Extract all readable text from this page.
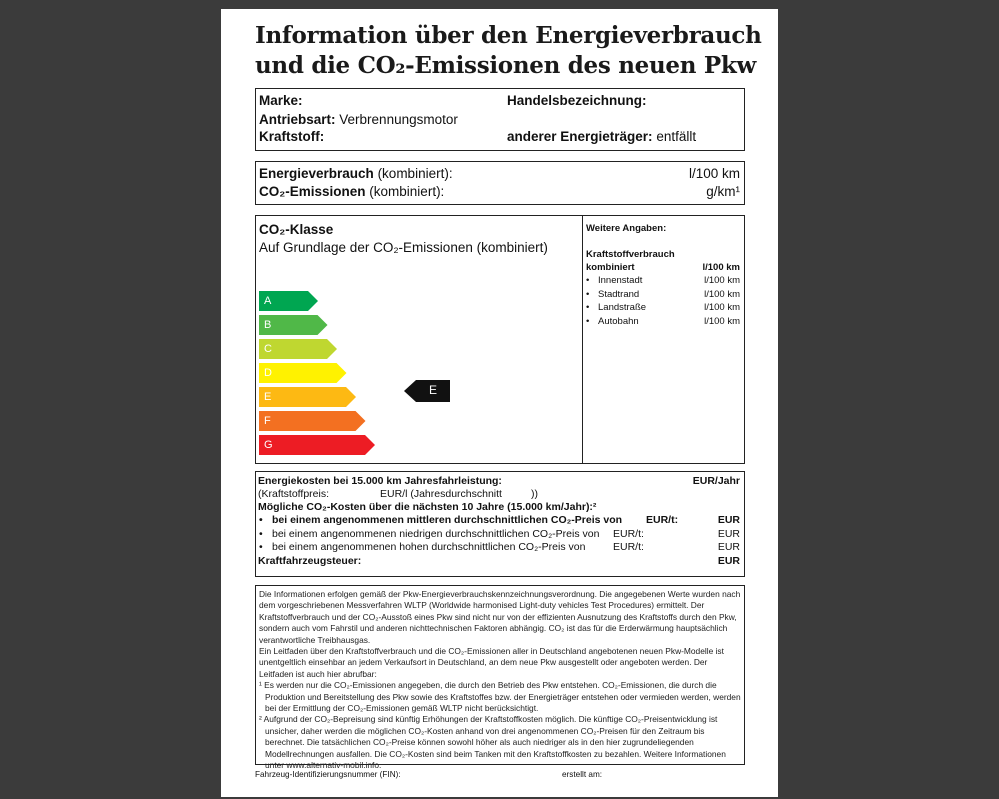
Information über den Energieverbrauch
und die CO₂-Emissionen des neuen Pkw
Marke:	Handelsbezeichnung:
Antriebsart: Verbrennungsmotor
Kraftstoff:	anderer Energieträger: entfällt
Energieverbrauch (kombiniert):	l/100 km
CO₂-Emissionen (kombiniert):	g/km¹
CO₂-Klasse
Auf Grundlage der CO₂-Emissionen (kombiniert)
A
B
C
D
E
F
G
E
Weitere Angaben:
Kraftstoffverbrauch
kombiniert	l/100 km
• Innenstadt	l/100 km
• Stadtrand	l/100 km
• Landstraße	l/100 km
• Autobahn	l/100 km
Energiekosten bei 15.000 km Jahresfahrleistung:	EUR/Jahr
(Kraftstoffpreis:	EUR/l (Jahresdurchschnitt	))
Mögliche CO₂-Kosten über die nächsten 10 Jahre (15.000 km/Jahr):²
• bei einem angenommenen mittleren durchschnittlichen CO₂-Preis von EUR/t:	EUR
• bei einem angenommenen niedrigen durchschnittlichen CO₂-Preis von EUR/t:	EUR
• bei einem angenommenen hohen durchschnittlichen CO₂-Preis von	EUR/t:	EUR
Kraftfahrzeugsteuer:	EUR
Die Informationen erfolgen gemäß der Pkw-Energieverbrauchskennzeichnungsverordnung. Die angegebenen Werte wurden nach dem vorgeschriebenen Messverfahren WLTP (Worldwide harmonised Light-duty vehicles Test Procedures) ermittelt. Der Kraftstoffverbrauch und der CO₂-Ausstoß eines Pkw sind nicht nur von der effizienten Ausnutzung des Kraftstoffs durch den Pkw, sondern auch vom Fahrstil und anderen nichttechnischen Faktoren abhängig. CO₂ ist das für die Erderwärmung hauptsächlich verantwortliche Treibhausgas.
Ein Leitfaden über den Kraftstoffverbrauch und die CO₂-Emissionen aller in Deutschland angebotenen neuen Pkw-Modelle ist unentgeltlich einsehbar an jedem Verkaufsort in Deutschland, an dem neue Pkw ausgestellt oder angeboten werden. Der Leitfaden ist auch hier abrufbar:
¹ Es werden nur die CO₂-Emissionen angegeben, die durch den Betrieb des Pkw entstehen. CO₂-Emissionen, die durch die Produktion und Bereitstellung des Pkw sowie des Kraftstoffes bzw. der Energieträger entstehen oder vermieden werden, werden bei der Ermittlung der CO₂-Emissionen gemäß WLTP nicht berücksichtigt.
² Aufgrund der CO₂-Bepreisung sind künftig Erhöhungen der Kraftstoffkosten möglich. Die künftige CO₂-Preisentwicklung ist unsicher, daher werden die möglichen CO₂-Kosten anhand von drei angenommenen CO₂-Preisen für den Zeitraum bis berechnet. Die tatsächlichen CO₂-Preise können sowohl höher als auch niedriger als in den hier zugrundeliegenden Modellrechnungen ausfallen. Die CO₂-Kosten sind beim Tanken mit den Kraftstoffkosten zu bezahlen. Weitere Informationen unter www.alternativ-mobil.info.
Fahrzeug-Identifizierungsnummer (FIN):	erstellt am:
